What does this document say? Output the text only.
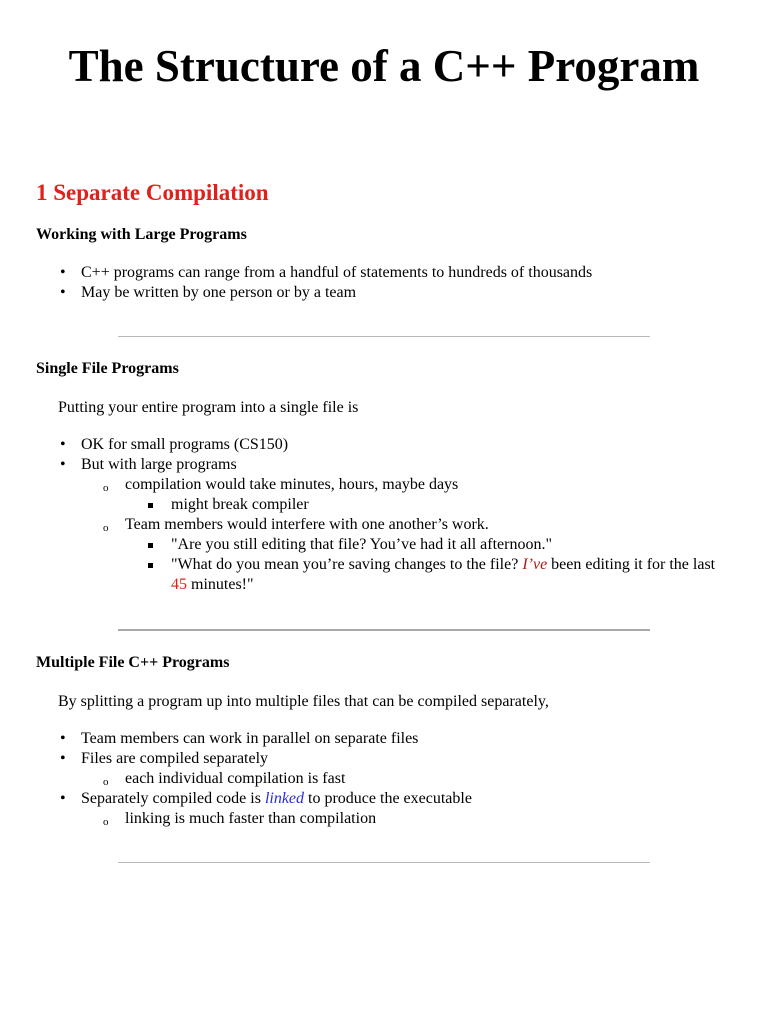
The Structure of a C++ Program
1 Separate Compilation
Working with Large Programs
• C++ programs can range from a handful of statements to hundreds of thousands
• May be written by one person or by a team
Single File Programs

Putting your entire program into a single file is

• OK for small programs (CS150)
• But with large programs
o compilation would take minutes, hours, maybe days
might break compiler
o Team members would interfere with one another’s work.
"Are you still editing that file? You’ve had it all afternoon."
"What do you mean you’re saving changes to the file? I’ve been editing it for the last 45 minutes!"
Multiple File C++ Programs

By splitting a program up into multiple files that can be compiled separately,

• Team members can work in parallel on separate files
• Files are compiled separately
o each individual compilation is fast
• Separately compiled code is linked to produce the executable
o linking is much faster than compilation
